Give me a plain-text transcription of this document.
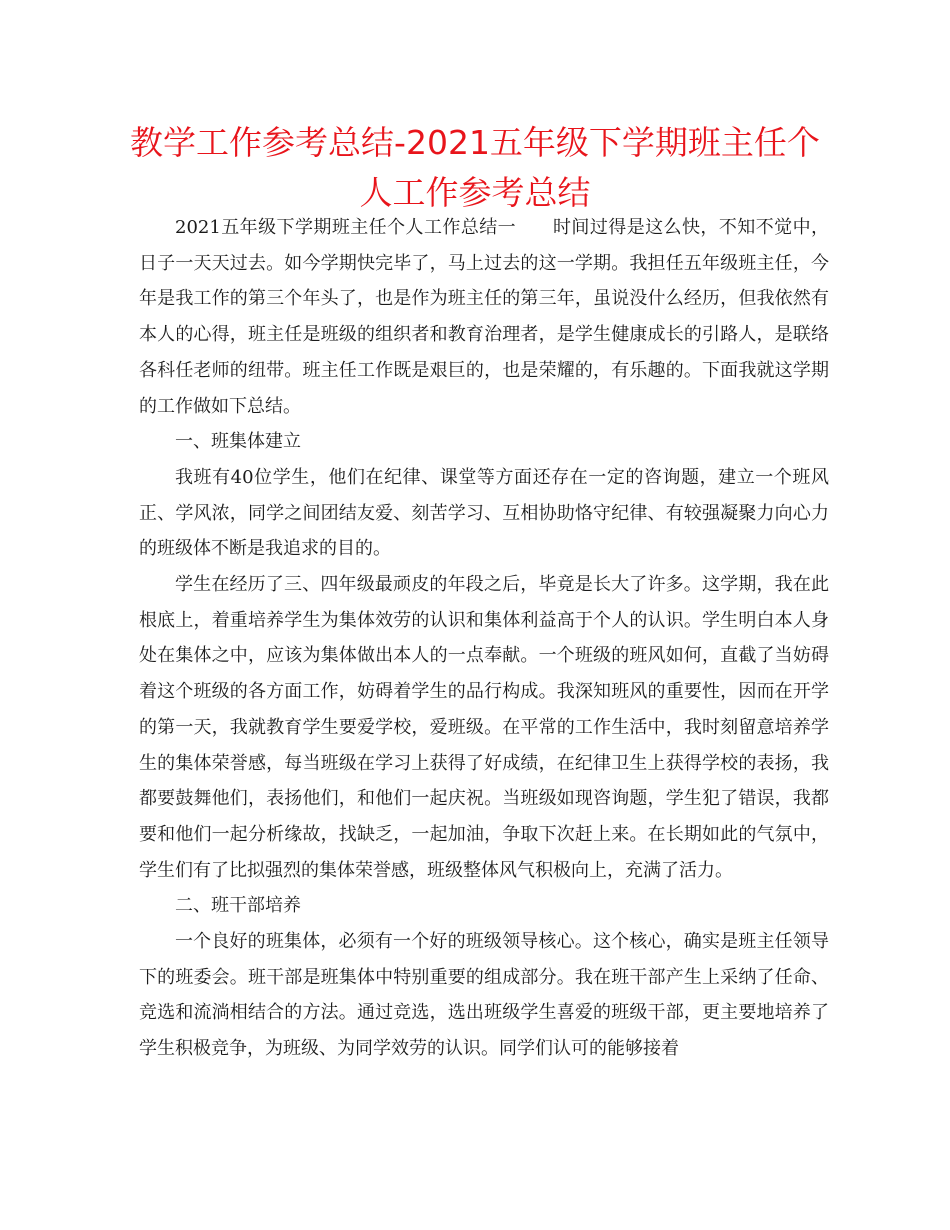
教学工作参考总结-2021五年级下学期班主任个人工作参考总结

2021五年级下学期班主任个人工作总结一　　时间过得是这么快，不知不觉中，日子一天天过去。如今学期快完毕了，马上过去的这一学期。我担任五年级班主任，今年是我工作的第三个年头了，也是作为班主任的第三年，虽说没什么经历，但我依然有本人的心得，班主任是班级的组织者和教育治理者，是学生健康成长的引路人，是联络各科任老师的纽带。班主任工作既是艰巨的，也是荣耀的，有乐趣的。下面我就这学期的工作做如下总结。

一、班集体建立

我班有40位学生，他们在纪律、课堂等方面还存在一定的咨询题，建立一个班风正、学风浓，同学之间团结友爱、刻苦学习、互相协助恪守纪律、有较强凝聚力向心力的班级体不断是我追求的目的。

学生在经历了三、四年级最顽皮的年段之后，毕竟是长大了许多。这学期，我在此根底上，着重培养学生为集体效劳的认识和集体利益高于个人的认识。学生明白本人身处在集体之中，应该为集体做出本人的一点奉献。一个班级的班风如何，直截了当妨碍着这个班级的各方面工作，妨碍着学生的品行构成。我深知班风的重要性，因而在开学的第一天，我就教育学生要爱学校，爱班级。在平常的工作生活中，我时刻留意培养学生的集体荣誉感，每当班级在学习上获得了好成绩，在纪律卫生上获得学校的表扬，我都要鼓舞他们，表扬他们，和他们一起庆祝。当班级如现咨询题，学生犯了错误，我都要和他们一起分析缘故，找缺乏，一起加油，争取下次赶上来。在长期如此的气氛中，学生们有了比拟强烈的集体荣誉感，班级整体风气积极向上，充满了活力。

二、班干部培养

一个良好的班集体，必须有一个好的班级领导核心。这个核心，确实是班主任领导下的班委会。班干部是班集体中特别重要的组成部分。我在班干部产生上采纳了任命、竞选和流淌相结合的方法。通过竞选，选出班级学生喜爱的班级干部，更主要地培养了学生积极竞争，为班级、为同学效劳的认识。同学们认可的能够接着
